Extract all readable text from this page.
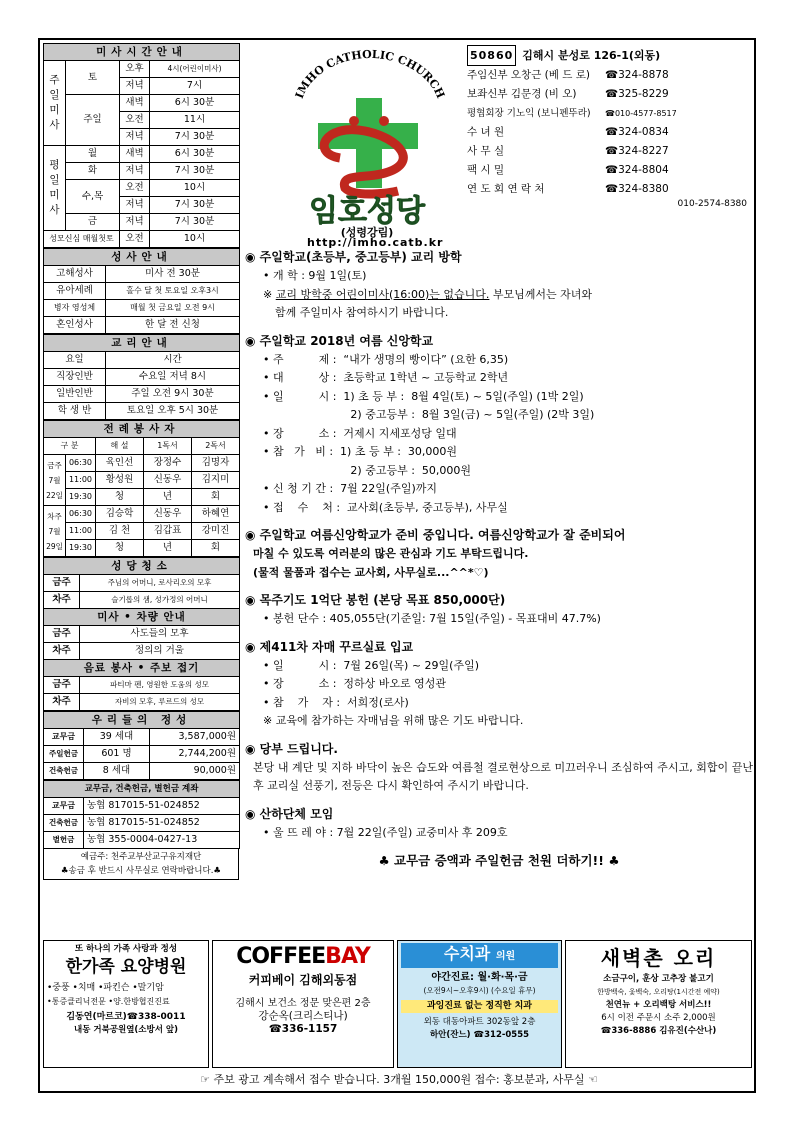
미사시간안내			
주일미사	토	오후	4시(어린이미사)
		저녁	7시
	주일	새벽	6시 30분
		오전	11시
		저녁	7시 30분
평일미사	월	새벽	6시 30분
	화	저녁	7시 30분
	수,목	오전	10시
		저녁	7시 30분
	금	저녁	7시 30분
성모신심 매월첫토		오전	10시
성사안내	
고해성사	미사 전 30분
유아세례	홀수 달 첫 토요일 오후3시
병자 영성체	매월 첫 금요일 오전 9시
혼인성사	한 달 전 신청
교리안내	
요일	시간
직장인반	수요일 저녁 8시
일반인반	주일 오전 9시 30분
학 생 반	토요일 오후 5시 30분
전례봉사자				
구 분		해 설	1독서	2독서
금주 7월22일	06:30	육인선	장정수	김명자
	11:00	황성원	신동우	김지미
	19:30	청	년	회
차주 7월29일	06:30	김승학	신동우	하혜연
	11:00	김 천	김갑표	강미진
	19:30	청	년	회
성당청소	
금주	주님의 어머니, 로사리오의 모후
차주	슬기롭의 샘, 성가정의 어머니
미사 • 차량 안내	
금주	사도들의 모후
차주	정의의 거울
음료 봉사 • 주보 접기	
금주	파티마 펜, 영원한 도움의 성모
차주	자비의 모후, 루르드의 성모
우리들의 정성		
교무금	39 세대	3,587,000원
주일헌금	601 명	2,744,200원
건축헌금	8 세대	90,000원
교무금, 건축헌금, 별헌금 계좌	
교무금	농협 817015-51-024852
건축헌금	농협 817015-51-024852
별헌금	농협 355-0004-0427-13
예금주: 천주교부산교구유지재단
♣송금 후 반드시 사무실로 연락바랍니다.♣
IMHO CATHOLIC CHURCH
임호성당
(성령강림)
http://imho.catb.kr
50860 김해시 분성로 126-1(외동)
주임신부 오창근 (베 드 로)	☎324-8878
보좌신부 김문경 (비 오)	☎325-8229
평협회장 기노익 (보니펜뚜라)	☎010-4577-8517
수 녀 원	☎324-0834
사 무 실	☎324-8227
팩 시 밀	☎324-8804
연 도 회 연 락 처	☎324-8380
010-2574-8380
◉ 주일학교(초등부, 중고등부) 교리 방학
• 개 학 : 9월 1일(토)
※ 교리 방학중 어린이미사(16:00)는 없습니다. 부모님께서는 자녀와
함께 주일미사 참여하시기 바랍니다.
◉ 주일학교 2018년 여름 신앙학교
• 주          제 :  “내가 생명의 빵이다” (요한 6,35)
• 대          상 :  초등학교 1학년 ~ 고등학교 2학년
• 일          시 :  1) 초 등 부 :  8월 4일(토) ~ 5일(주일) (1박 2일)
2) 중고등부 :  8월 3일(금) ~ 5일(주일) (2박 3일)
• 장          소 :  거제시 지세포성당 일대
• 참   가   비 :  1) 초 등 부 :  30,000원
2) 중고등부 :  50,000원
• 신 청 기 간 :  7월 22일(주일)까지
• 접    수    처 :  교사회(초등부, 중고등부), 사무실
◉ 주일학교 여름신앙학교가 준비 중입니다. 여름신앙학교가 잘 준비되어
마칠 수 있도록 여러분의 많은 관심과 기도 부탁드립니다.
(물적 물품과 접수는 교사회, 사무실로...^^*♡)
◉ 목주기도 1억단 봉헌 (본당 목표 850,000단)
• 봉헌 단수 : 405,055단(기준일: 7월 15일(주일) - 목표대비 47.7%)
◉ 제411차 자매 꾸르실료 입교
• 일          시 :  7월 26일(목) ~ 29일(주일)
• 장          소 :  정하상 바오로 영성관
• 참    가    자 :  서희정(로사)
※ 교육에 참가하는 자매님을 위해 많은 기도 바랍니다.
◉ 당부 드립니다.
본당 내 계단 및 지하 바닥이 높은 습도와 여름철 결로현상으로 미끄러우니 조심하여 주시고, 회합이 끝난 후 교리실 선풍기, 전등은 다시 확인하여 주시기 바랍니다.
◉ 산하단체 모임
• 울 뜨 레 야 : 7월 22일(주일) 교중미사 후 209호
♣ 교무금 증액과 주일헌금 천원 더하기!! ♣
또 하나의 가족 사랑과 정성
한가족 요양병원
•중풍 •치매 •파킨슨 •말기암
•통증클리닉전문 •양.한방협진진료
김동연(마르코)☎338-0011
내동 거북공원옆(소방서 앞)
COFFEEBAY
커피베이 김해외동점
김해시 보건소 정문 맞은편 2층
강순옥(크리스티나)
☎336-1157
수치과 의원
야간진료: 월·화·목·금
(오전9시~오후9시) (수요일 휴무)
과잉진료 없는 정직한 치과
외동 대동아파트 302동앞 2층
하안(잔느) ☎312-0555
새벽촌 오리
소금구이, 훈상 고추장 불고기
한방백숙, 옻백숙, 오리탕(1시간전 예약)
천연뉴 + 오리백탕 서비스!!
6시 이전 주문시 소주 2,000원
☎336-8886 김유진(수산나)
☞ 주보 광고 계속해서 접수 받습니다. 3개월 150,000원 접수: 홍보분과, 사무실 ☜
